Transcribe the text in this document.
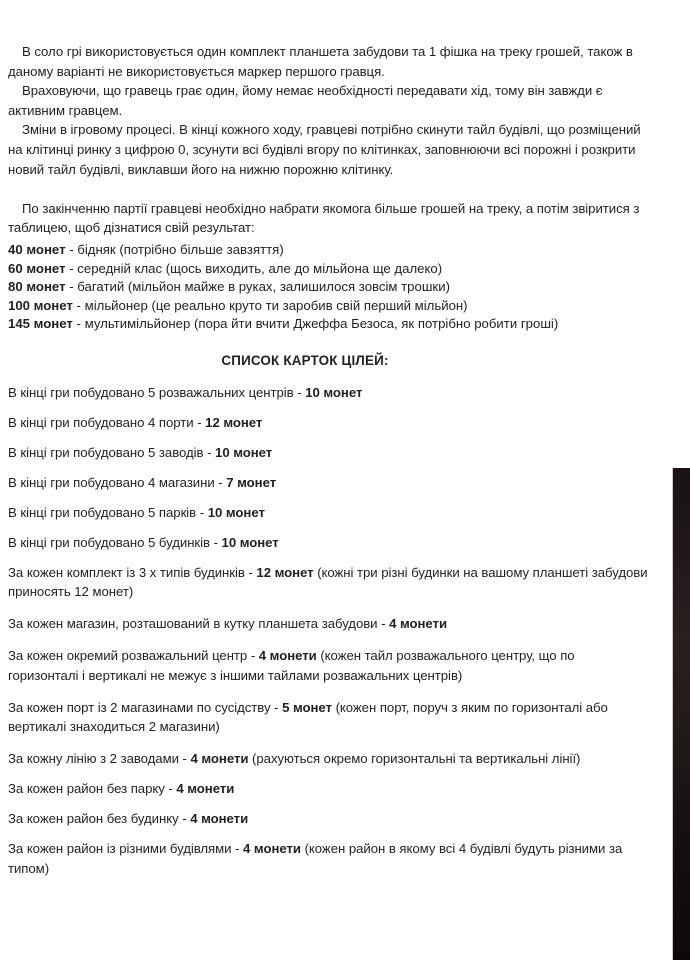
В соло грі використовується один комплект планшета забудови та 1 фішка на треку грошей, також в даному варіанті не використовується маркер першого гравця.

Враховуючи, що гравець грає один, йому немає необхідності передавати хід, тому він завжди є активним гравцем.

Зміни в ігровому процесі. В кінці кожного ходу, гравцеві потрібно скинути тайл будівлі, що розміщений на клітинці ринку з цифрою 0, зсунути всі будівлі вгору по клітинках, заповнюючи всі порожні і розкрити новий тайл будівлі, виклавши його на нижню порожню клітинку.

По закінченню партії гравцеві необхідно набрати якомога більше грошей на треку, а потім звіритися з таблицею, щоб дізнатися свій результат:

40 монет - бідняк (потрібно більше завзяття)
60 монет - середній клас (щось виходить, але до мільйона ще далеко)
80 монет - багатий (мільйон майже в руках, залишилося зовсім трошки)
100 монет - мільйонер (це реально круто ти заробив свій перший мільйон)
145 монет - мультимільйонер (пора йти вчити Джеффа Безоса, як потрібно робити гроші)
СПИСОК КАРТОК ЦІЛЕЙ:
В кінці гри побудовано 5 розважальних центрів - 10 монет
В кінці гри побудовано 4 порти - 12 монет
В кінці гри побудовано 5 заводів - 10 монет
В кінці гри побудовано 4 магазини - 7 монет
В кінці гри побудовано 5 парків - 10 монет
В кінці гри побудовано 5 будинків - 10 монет
За кожен комплект із 3 х типів будинків - 12 монет (кожні три різні будинки на вашому планшеті забудови приносять 12 монет)
За кожен магазин, розташований в кутку планшета забудови - 4 монети
За кожен окремий розважальний центр - 4 монети (кожен тайл розважального центру, що по горизонталі і вертикалі не межує з іншими тайлами розважальних центрів)
За кожен порт із 2 магазинами по сусідству - 5 монет (кожен порт, поруч з яким по горизонталі або вертикалі знаходиться 2 магазини)
За кожну лінію з 2 заводами - 4 монети (рахуються окремо горизонтальні та вертикальні лінії)
За кожен район без парку - 4 монети
За кожен район без будинку - 4 монети
За кожен район із різними будівлями - 4 монети (кожен район в якому всі 4 будівлі будуть різними за типом)
